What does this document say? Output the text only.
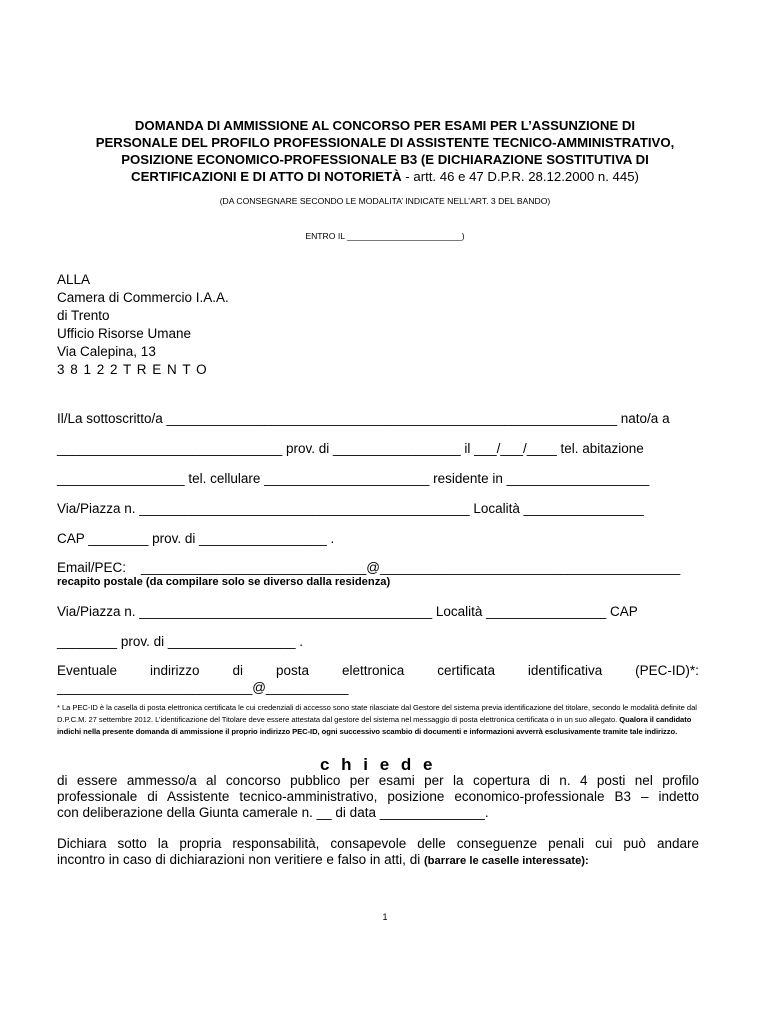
DOMANDA DI AMMISSIONE AL CONCORSO PER ESAMI PER L’ASSUNZIONE DI
PERSONALE DEL PROFILO PROFESSIONALE DI ASSISTENTE TECNICO-AMMINISTRATIVO,
POSIZIONE ECONOMICO-PROFESSIONALE B3 (E DICHIARAZIONE SOSTITUTIVA DI
CERTIFICAZIONI E DI ATTO DI NOTORIETÀ - artt. 46 e 47 D.P.R. 28.12.2000 n. 445)
(DA CONSEGNARE SECONDO LE MODALITA’ INDICATE NELL’ART. 3 DEL BANDO)
ENTRO IL ________________________)
ALLA
Camera di Commercio I.A.A.
di Trento
Ufficio Risorse Umane
Via Calepina, 13
3 8 1 2 2 T R E N T O
Il/La sottoscritto/a ____________________________________________________________ nato/a a
______________________________ prov. di _________________ il ___/___/____ tel. abitazione
_________________ tel. cellulare ______________________ residente in ___________________
Via/Piazza n. ____________________________________________ Località ________________
CAP ________ prov. di _________________ .
Email/PEC:    ______________________________@________________________________________
recapito postale (da compilare solo se diverso dalla residenza)
Via/Piazza n. _______________________________________ Località ________________ CAP
________ prov. di _________________ .
Eventuale indirizzo di posta elettronica certificata identificativa (PEC-ID)*:
__________________________@___________
* La PEC-ID è la casella di posta elettronica certificata le cui credenziali di accesso sono state rilasciate dal Gestore del sistema previa identificazione del titolare, secondo le modalità definite dal D.P.C.M. 27 settembre 2012. L’identificazione del Titolare deve essere attestata dal gestore del sistema nel messaggio di posta elettronica certificata o in un suo allegato. Qualora il candidato indichi nella presente domanda di ammissione il proprio indirizzo PEC-ID, ogni successivo scambio di documenti e informazioni avverrà esclusivamente tramite tale indirizzo.
c h i e d e
di essere ammesso/a al concorso pubblico per esami per la copertura di n. 4 posti nel profilo
professionale di Assistente tecnico-amministrativo, posizione economico-professionale B3 – indetto
con deliberazione della Giunta camerale n. __ di data ______________.
Dichiara sotto la propria responsabilità, consapevole delle conseguenze penali cui può andare
incontro in caso di dichiarazioni non veritiere e falso in atti, di (barrare le caselle interessate):
1
